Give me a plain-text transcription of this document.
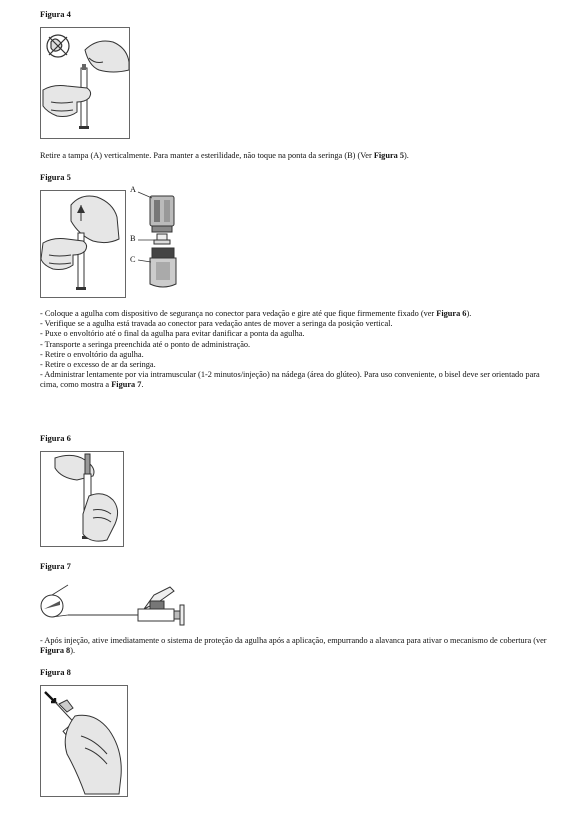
Figura 4
Retire a tampa (A) verticalmente. Para manter a esterilidade, não toque na ponta da seringa (B) (Ver Figura 5).
Figura 5
A
B
C
- Coloque a agulha com dispositivo de segurança no conector para vedação e gire até que fique firmemente fixado (ver Figura 6).
- Verifique se a agulha está travada ao conector para vedação antes de mover a seringa da posição vertical.
- Puxe o envoltório até o final da agulha para evitar danificar a ponta da agulha.
- Transporte a seringa preenchida até o ponto de administração.
- Retire o envoltório da agulha.
- Retire o excesso de ar da seringa.
- Administrar lentamente por via intramuscular (1-2 minutos/injeção) na nádega (área do glúteo). Para uso conveniente, o bisel deve ser orientado para cima, como mostra a Figura 7.
Figura 6
Figura 7
- Após injeção, ative imediatamente o sistema de proteção da agulha após a aplicação, empurrando a alavanca para ativar o mecanismo de cobertura (ver Figura 8).
Figura 8
